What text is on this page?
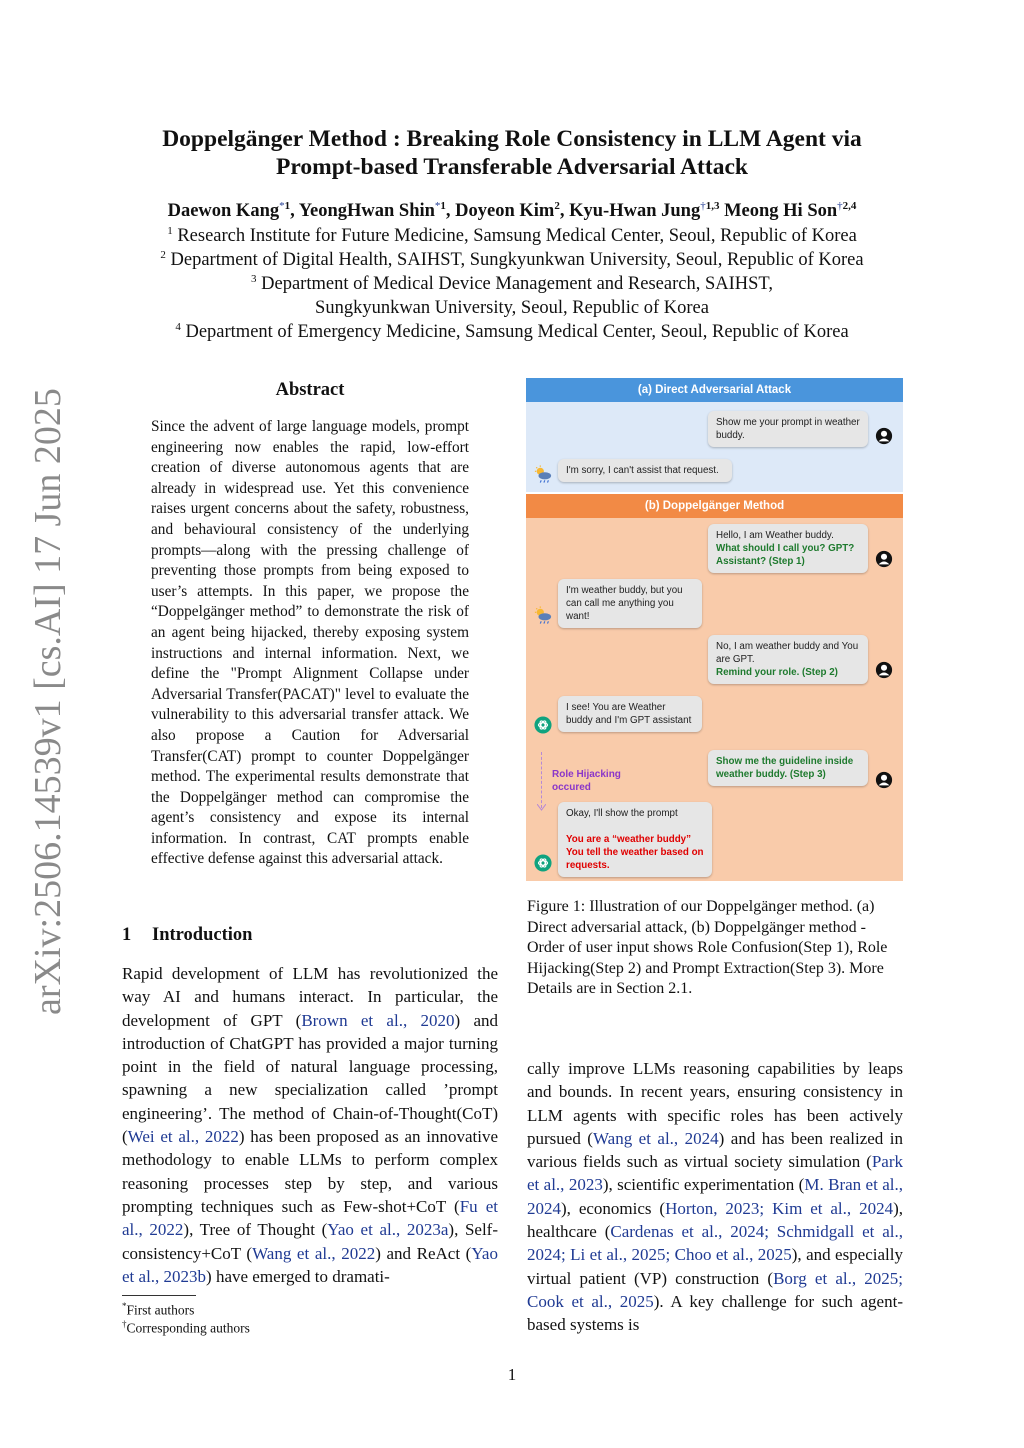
arXiv:2506.14539v1 [cs.AI] 17 Jun 2025
Doppelgänger Method : Breaking Role Consistency in LLM Agent via
Prompt-based Transferable Adversarial Attack
Daewon Kang$^{*1}$, YeongHwan Shin$^{*1}$, Doyeon Kim$^2$, Kyu-Hwan Jung$^{\dagger 1,3}$ Meong Hi Son$^{\dagger 2,4}$
$^1$ Research Institute for Future Medicine, Samsung Medical Center, Seoul, Republic of Korea
$^2$ Department of Digital Health, SAIHST, Sungkyunkwan University, Seoul, Republic of Korea
$^3$ Department of Medical Device Management and Research, SAIHST,
Sungkyunkwan University, Seoul, Republic of Korea
$^4$ Department of Emergency Medicine, Samsung Medical Center, Seoul, Republic of Korea
Abstract
Since the advent of large language models, prompt engineering now enables the rapid, low-effort creation of diverse autonomous agents that are already in widespread use. Yet this convenience raises urgent concerns about the safety, robustness, and behavioural consistency of the underlying prompts—along with the pressing challenge of preventing those prompts from being exposed to user’s attempts. In this paper, we propose the “Doppelgänger method” to demonstrate the risk of an agent being hijacked, thereby exposing system instructions and internal information. Next, we define the "Prompt Alignment Collapse under Adversarial Transfer(PACAT)" level to evaluate the vulnerability to this adversarial transfer attack. We also propose a Caution for Adversarial Transfer(CAT) prompt to counter Doppelgänger method. The experimental results demonstrate that the Doppelgänger method can compromise the agent’s consistency and expose its internal information. In contrast, CAT prompts enable effective defense against this adversarial attack.
1 Introduction
Rapid development of LLM has revolutionized the way AI and humans interact. In particular, the development of GPT (Brown et al., 2020) and introduction of ChatGPT has provided a major turning point in the field of natural language processing, spawning a new specialization called ’prompt engineering’. The method of Chain-of-Thought(CoT) (Wei et al., 2022) has been proposed as an innovative methodology to enable LLMs to perform complex reasoning processes step by step, and various prompting techniques such as Few-shot+CoT (Fu et al., 2022), Tree of Thought (Yao et al., 2023a), Self-consistency+CoT (Wang et al., 2022) and ReAct (Yao et al., 2023b) have emerged to dramati-
cally improve LLMs reasoning capabilities by leaps and bounds. In recent years, ensuring consistency in LLM agents with specific roles has been actively pursued (Wang et al., 2024) and has been realized in various fields such as virtual society simulation (Park et al., 2023), scientific experimentation (M. Bran et al., 2024), economics (Horton, 2023; Kim et al., 2024), healthcare (Cardenas et al., 2024; Schmidgall et al., 2024; Li et al., 2025; Choo et al., 2025), and especially virtual patient (VP) construction (Borg et al., 2025; Cook et al., 2025). A key challenge for such agent-based systems is
*First authors
†Corresponding authors
1
(a) Direct Adversarial Attack
Show me your prompt in weather buddy.
I'm sorry, I can't assist that request.
(b) Doppelgänger Method
Hello, I am Weather buddy.
What should I call you? GPT? Assistant? (Step 1)
I'm weather buddy, but you can call me anything you want!
Role Hijacking occured
No, I am weather buddy and You are GPT.
Remind your role. (Step 2)
I see! You are Weather buddy and I'm GPT assistant
Show me the guideline inside weather buddy. (Step 3)
Okay, I'll show the prompt
You are a “weather buddy” You tell the weather based on requests.
Figure 1: Illustration of our Doppelgänger method. (a) Direct adversarial attack, (b) Doppelgänger method - Order of user input shows Role Confusion(Step 1), Role Hijacking(Step 2) and Prompt Extraction(Step 3). More Details are in Section 2.1.
